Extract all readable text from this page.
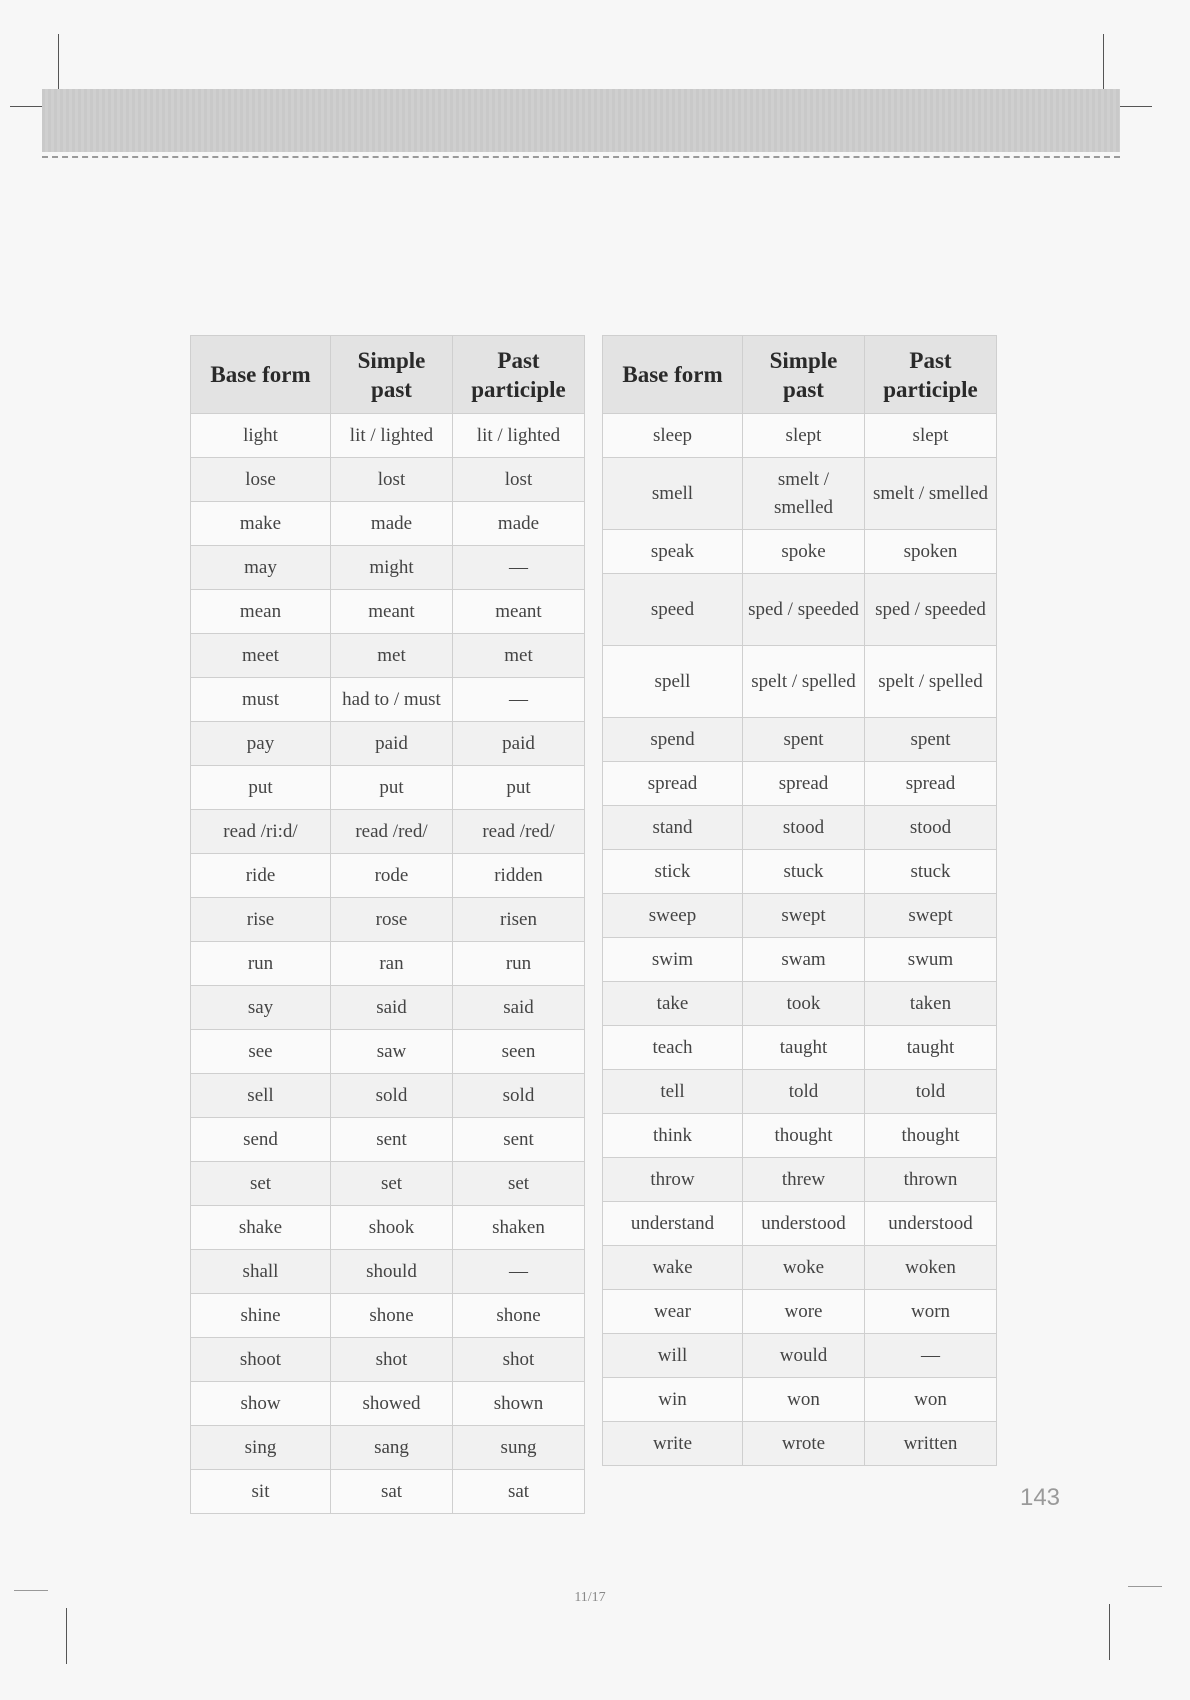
Base form	Simple past	Past participle
light	lit / lighted	lit / lighted
lose	lost	lost
make	made	made
may	might	—
mean	meant	meant
meet	met	met
must	had to / must	—
pay	paid	paid
put	put	put
read /ri:d/	read /red/	read /red/
ride	rode	ridden
rise	rose	risen
run	ran	run
say	said	said
see	saw	seen
sell	sold	sold
send	sent	sent
set	set	set
shake	shook	shaken
shall	should	—
shine	shone	shone
shoot	shot	shot
show	showed	shown
sing	sang	sung
sit	sat	sat
Base form	Simple past	Past participle
sleep	slept	slept
smell	smelt / smelled	smelt / smelled
speak	spoke	spoken
speed	sped / speeded	sped / speeded
spell	spelt / spelled	spelt / spelled
spend	spent	spent
spread	spread	spread
stand	stood	stood
stick	stuck	stuck
sweep	swept	swept
swim	swam	swum
take	took	taken
teach	taught	taught
tell	told	told
think	thought	thought
throw	threw	thrown
understand	understood	understood
wake	woke	woken
wear	wore	worn
will	would	—
win	won	won
write	wrote	written
143
11/17
